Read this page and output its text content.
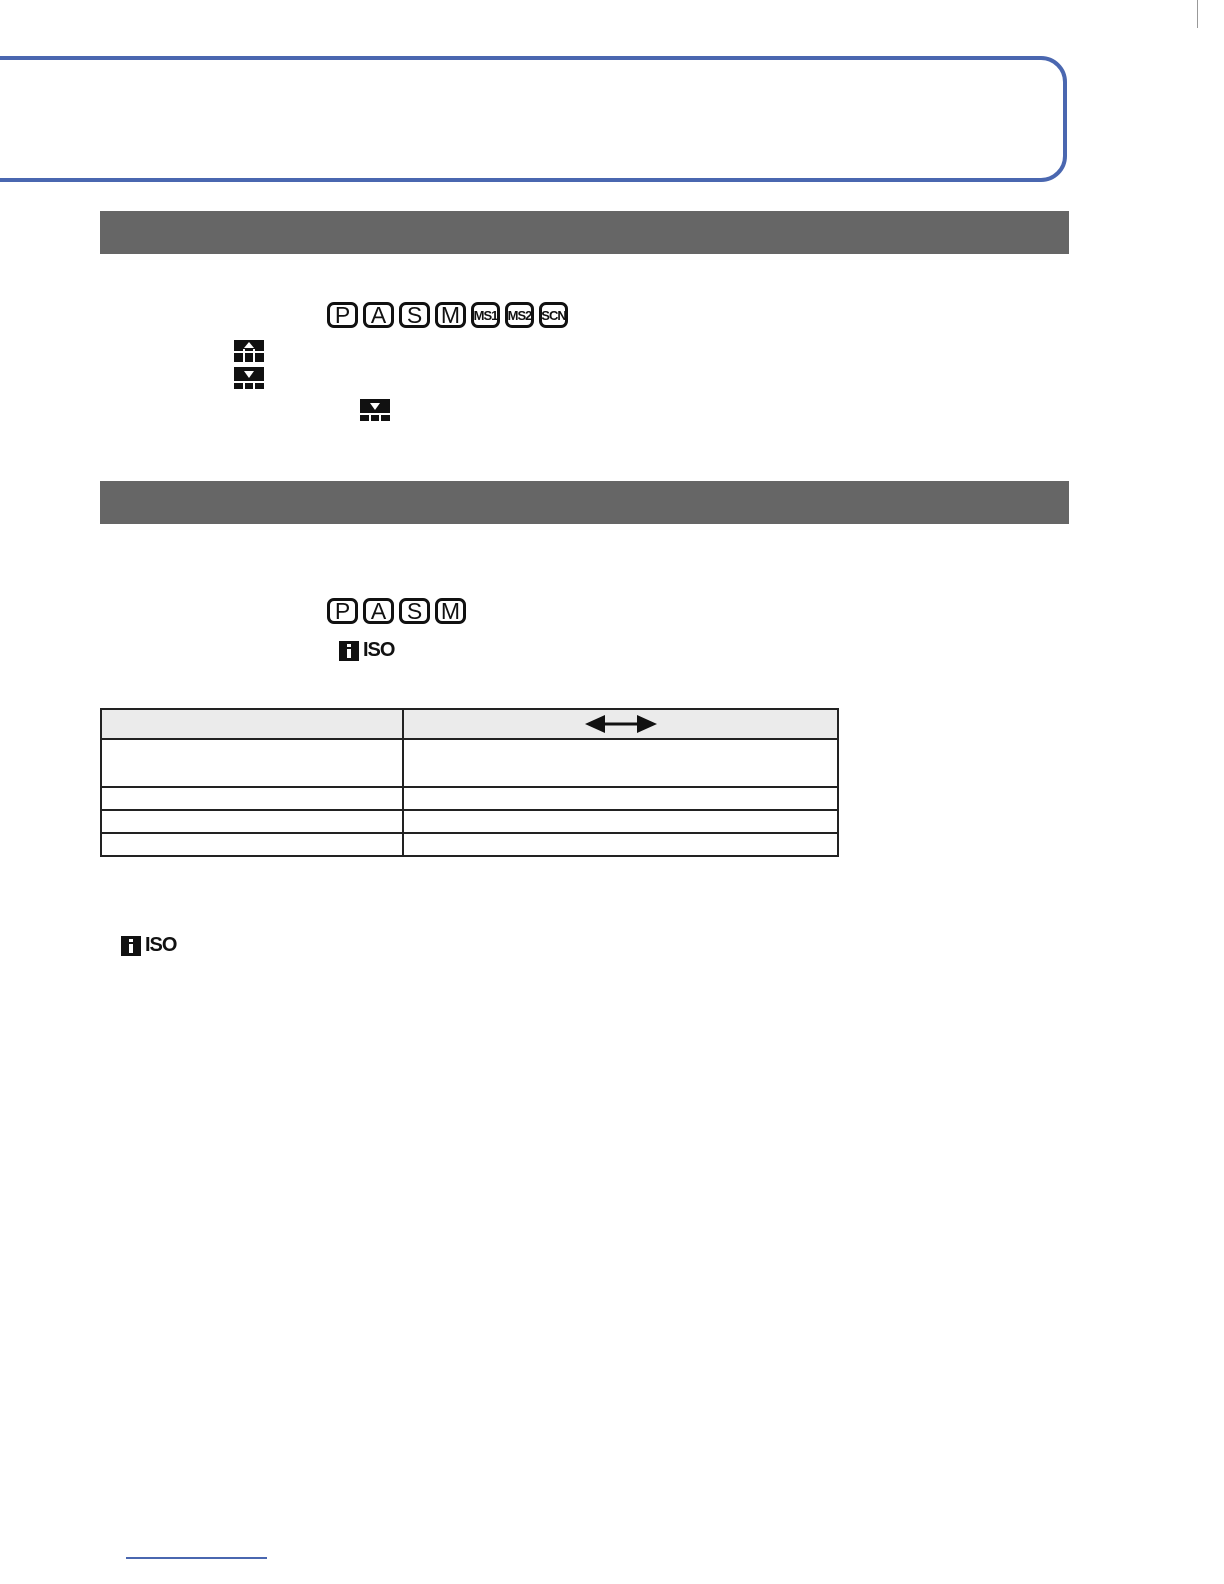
P A S M	MS1 MS2 SCN
P A S M
ISO

ISO
